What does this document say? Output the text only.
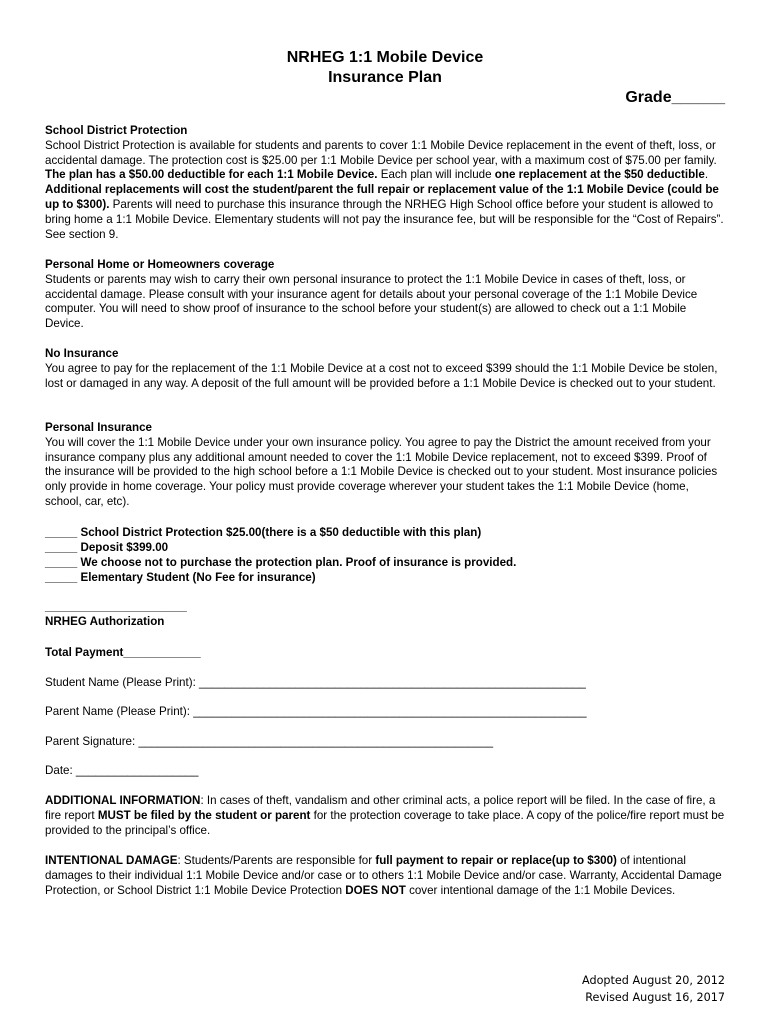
NRHEG 1:1 Mobile Device
Insurance Plan
Grade______

School District Protection

School District Protection is available for students and parents to cover 1:1 Mobile Device replacement in the event of theft, loss, or accidental damage. The protection cost is $25.00 per 1:1 Mobile Device per school year, with a maximum cost of $75.00 per family. The plan has a $50.00 deductible for each 1:1 Mobile Device. Each plan will include one replacement at the $50 deductible. Additional replacements will cost the student/parent the full repair or replacement value of the 1:1 Mobile Device (could be up to $300). Parents will need to purchase this insurance through the NRHEG High School office before your student is allowed to bring home a 1:1 Mobile Device. Elementary students will not pay the insurance fee, but will be responsible for the “Cost of Repairs”. See section 9.

Personal Home or Homeowners coverage

Students or parents may wish to carry their own personal insurance to protect the 1:1 Mobile Device in cases of theft, loss, or accidental damage. Please consult with your insurance agent for details about your personal coverage of the 1:1 Mobile Device computer. You will need to show proof of insurance to the school before your student(s) are allowed to check out a 1:1 Mobile Device.

No Insurance

You agree to pay for the replacement of the 1:1 Mobile Device at a cost not to exceed $399 should the 1:1 Mobile Device be stolen, lost or damaged in any way. A deposit of the full amount will be provided before a 1:1 Mobile Device is checked out to your student.

Personal Insurance

You will cover the 1:1 Mobile Device under your own insurance policy. You agree to pay the District the amount received from your insurance company plus any additional amount needed to cover the 1:1 Mobile Device replacement, not to exceed $399. Proof of the insurance will be provided to the high school before a 1:1 Mobile Device is checked out to your student. Most insurance policies only provide in home coverage. Your policy must provide coverage wherever your student takes the 1:1 Mobile Device (home, school, car, etc).

_____ School District Protection $25.00(there is a $50 deductible with this plan)
_____ Deposit $399.00
_____ We choose not to purchase the protection plan. Proof of insurance is provided.
_____ Elementary Student (No Fee for insurance)
______________________
NRHEG Authorization
Total Payment____________
Student Name (Please Print): ____________________________________________________________
Parent Name (Please Print): _____________________________________________________________
Parent Signature: _______________________________________________________
Date: ___________________

ADDITIONAL INFORMATION: In cases of theft, vandalism and other criminal acts, a police report will be filed. In the case of fire, a fire report MUST be filed by the student or parent for the protection coverage to take place. A copy of the police/fire report must be provided to the principal’s office.

INTENTIONAL DAMAGE: Students/Parents are responsible for full payment to repair or replace(up to $300) of intentional damages to their individual 1:1 Mobile Device and/or case or to others 1:1 Mobile Device and/or case. Warranty, Accidental Damage Protection, or School District 1:1 Mobile Device Protection DOES NOT cover intentional damage of the 1:1 Mobile Devices.

Adopted August 20, 2012
Revised August 16, 2017
